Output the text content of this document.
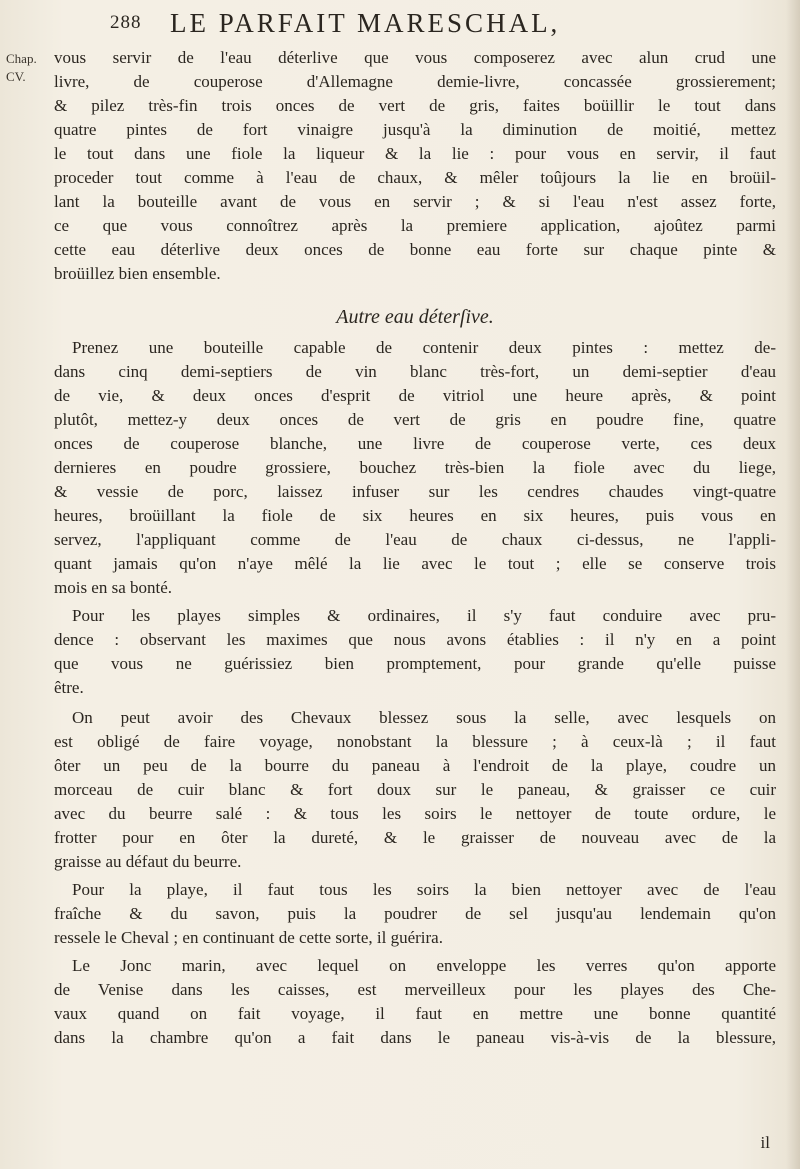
288 LE PARFAIT MARESCHAL,
Chap.
CV.
vous servir de l'eau déterlive que vous composerez avec alun crud une
livre, de couperose d'Allemagne demie-livre, concassée grossierement;
& pilez très-fin trois onces de vert de gris, faites boüillir le tout dans
quatre pintes de fort vinaigre jusqu'à la diminution de moitié, mettez
le tout dans une fiole la liqueur & la lie : pour vous en servir, il faut
proceder tout comme à l'eau de chaux, & mêler toûjours la lie en broüil-
lant la bouteille avant de vous en servir ; & si l'eau n'est assez forte,
ce que vous connoîtrez après la premiere application, ajoûtez parmi
cette eau déterlive deux onces de bonne eau forte sur chaque pinte &
broüillez bien ensemble.
Autre eau déterſive.
Prenez une bouteille capable de contenir deux pintes : mettez de-
dans cinq demi-septiers de vin blanc très-fort, un demi-septier d'eau
de vie, & deux onces d'esprit de vitriol une heure après, & point
plutôt, mettez-y deux onces de vert de gris en poudre fine, quatre
onces de couperose blanche, une livre de couperose verte, ces deux
dernieres en poudre grossiere, bouchez très-bien la fiole avec du liege,
& vessie de porc, laissez infuser sur les cendres chaudes vingt-quatre
heures, broüillant la fiole de six heures en six heures, puis vous en
servez, l'appliquant comme de l'eau de chaux ci-dessus, ne l'appli-
quant jamais qu'on n'aye mêlé la lie avec le tout ; elle se conserve trois
mois en sa bonté.
Pour les playes simples & ordinaires, il s'y faut conduire avec pru-
dence : observant les maximes que nous avons établies : il n'y en a point
que vous ne guérissiez bien promptement, pour grande qu'elle puisse
être.
On peut avoir des Chevaux blessez sous la selle, avec lesquels on
est obligé de faire voyage, nonobstant la blessure ; à ceux-là ; il faut
ôter un peu de la bourre du paneau à l'endroit de la playe, coudre un
morceau de cuir blanc & fort doux sur le paneau, & graisser ce cuir
avec du beurre salé : & tous les soirs le nettoyer de toute ordure, le
frotter pour en ôter la dureté, & le graisser de nouveau avec de la
graisse au défaut du beurre.
Pour la playe, il faut tous les soirs la bien nettoyer avec de l'eau
fraîche & du savon, puis la poudrer de sel jusqu'au lendemain qu'on
ressele le Cheval ; en continuant de cette sorte, il guérira.
Le Jonc marin, avec lequel on enveloppe les verres qu'on apporte
de Venise dans les caisses, est merveilleux pour les playes des Che-
vaux quand on fait voyage, il faut en mettre une bonne quantité
dans la chambre qu'on a fait dans le paneau vis-à-vis de la blessure,
il
